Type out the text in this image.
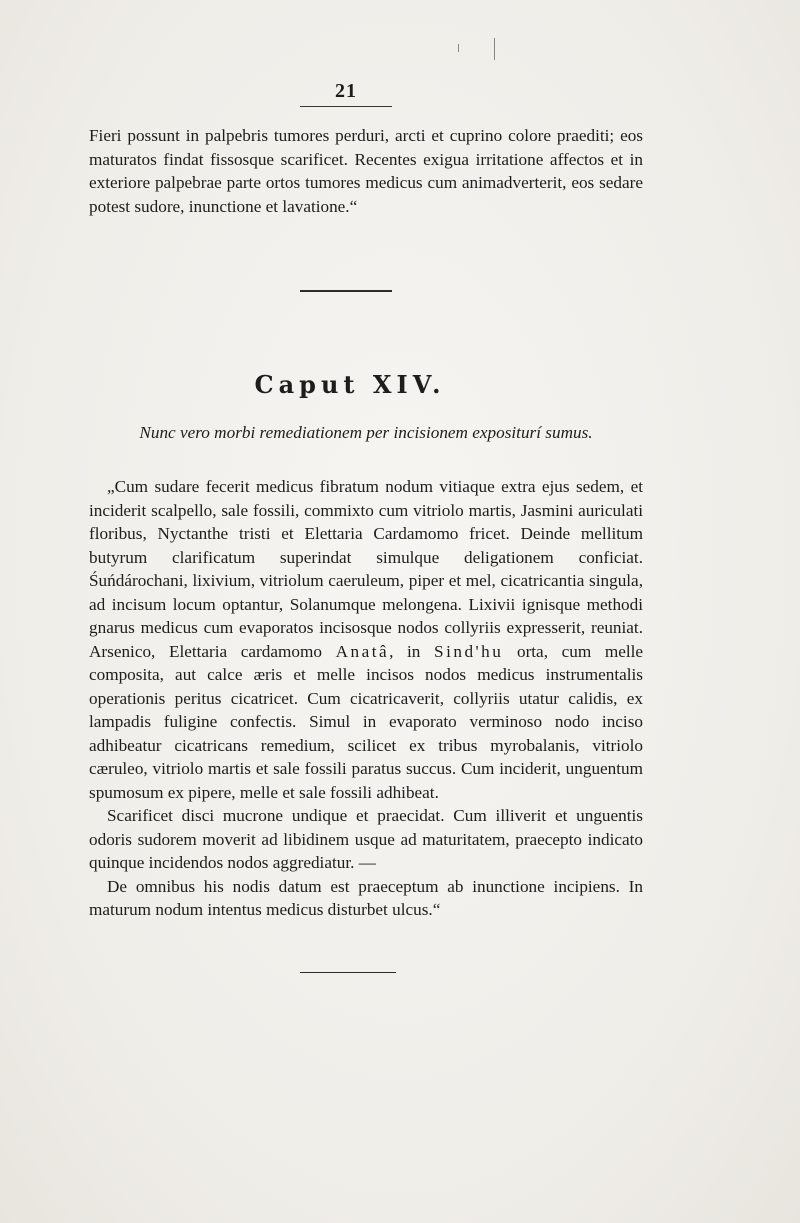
21

Fieri possunt in palpebris tumores perduri, arcti et cuprino colore praediti; eos maturatos findat fissosque scarificet. Recentes exigua irritatione affectos et in exteriore palpebrae parte ortos tumores medicus cum animadverterit, eos sedare potest sudore, inunctione et lavatione.“

Caput XIV.
Nunc vero morbi remediationem per incisionem expositurí sumus.

„Cum sudare fecerit medicus fibratum nodum vitiaque extra ejus sedem, et inciderit scalpello, sale fossili, commixto cum vitriolo martis, Jasmini auriculati floribus, Nyctanthe tristi et Elettaria Cardamomo fricet. Deinde mellitum butyrum clarificatum superindat simulque deligationem conficiat. Śuńdárochani, lixivium, vitriolum caeruleum, piper et mel, cicatricantia singula, ad incisum locum optantur, Solanumque melongena. Lixivii ignisque methodi gnarus medicus cum evaporatos incisosque nodos collyriis expresserit, reuniat. Arsenico, Elettaria cardamomo Anatâ, in Sind'hu orta, cum melle composita, aut calce æris et melle incisos nodos medicus instrumentalis operationis peritus cicatricet. Cum cicatricaverit, collyriis utatur calidis, ex lampadis fuligine confectis. Simul in evaporato verminoso nodo inciso adhibeatur cicatricans remedium, scilicet ex tribus myrobalanis, vitriolo cæruleo, vitriolo martis et sale fossili paratus succus. Cum inciderit, unguentum spumosum ex pipere, melle et sale fossili adhibeat.

Scarificet disci mucrone undique et praecidat. Cum illiverit et unguentis odoris sudorem moverit ad libidinem usque ad maturitatem, praecepto indicato quinque incidendos nodos aggrediatur. —

De omnibus his nodis datum est praeceptum ab inunctione incipiens. In maturum nodum intentus medicus disturbet ulcus.“
